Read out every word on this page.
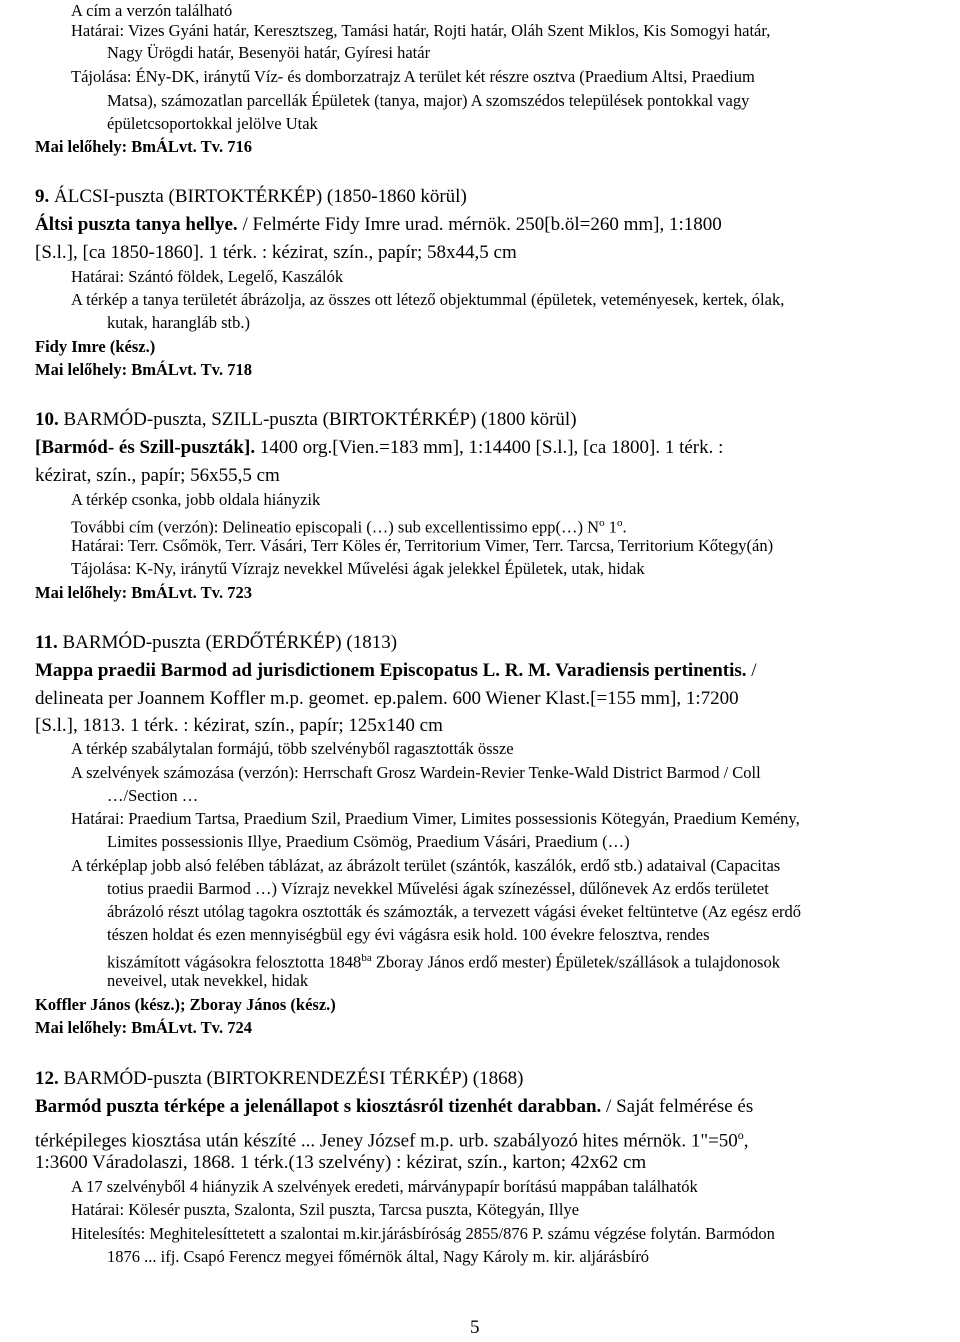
A cím a verzón található
Határai: Vizes Gyáni határ, Keresztszeg, Tamási határ, Rojti határ, Oláh Szent Miklos, Kis Somogyi határ,
Nagy Ürögdi határ, Besenyöi határ, Gyíresi határ
Tájolása: ÉNy-DK, iránytű Víz- és domborzatrajz A terület két részre osztva (Praedium Altsi, Praedium
Matsa), számozatlan parcellák Épületek (tanya, major) A szomszédos települések pontokkal vagy
épületcsoportokkal jelölve Utak
Mai lelőhely: BmÁLvt. Tv. 716
9. ÁLCSI-puszta (BIRTOKTÉRKÉP) (1850-1860 körül)
Áltsi puszta tanya hellye. / Felmérte Fidy Imre urad. mérnök. 250[b.öl=260 mm], 1:1800
[S.l.], [ca 1850-1860]. 1 térk. : kézirat, szín., papír; 58x44,5 cm
Határai: Szántó földek, Legelő, Kaszálók
A térkép a tanya területét ábrázolja, az összes ott létező objektummal (épületek, veteményesek, kertek, ólak,
kutak, harangláb stb.)
Fidy Imre (kész.)
Mai lelőhely: BmÁLvt. Tv. 718
10. BARMÓD-puszta, SZILL-puszta (BIRTOKTÉRKÉP) (1800 körül)
[Barmód- és Szill-puszták]. 1400 org.[Vien.=183 mm], 1:14400 [S.l.], [ca 1800]. 1 térk. :
kézirat, szín., papír; 56x55,5 cm
A térkép csonka, jobb oldala hiányzik
További cím (verzón): Delineatio episcopali (…) sub excellentissimo epp(…) $N^o$ 1$^o$.
Határai: Terr. Csőmök, Terr. Vásári, Terr Köles ér, Territorium Vimer, Terr. Tarcsa, Territorium Kőtegy(án)
Tájolása: K-Ny, iránytű Vízrajz nevekkel Művelési ágak jelekkel Épületek, utak, hidak
Mai lelőhely: BmÁLvt. Tv. 723
11. BARMÓD-puszta (ERDŐTÉRKÉP) (1813)
Mappa praedii Barmod ad jurisdictionem Episcopatus L. R. M. Varadiensis pertinentis. /
delineata per Joannem Koffler m.p. geomet. ep.palem. 600 Wiener Klast.[=155 mm], 1:7200
[S.l.], 1813. 1 térk. : kézirat, szín., papír; 125x140 cm
A térkép szabálytalan formájú, több szelvényből ragasztották össze
A szelvények számozása (verzón): Herrschaft Grosz Wardein-Revier Tenke-Wald District Barmod / Coll
…/Section …
Határai: Praedium Tartsa, Praedium Szil, Praedium Vimer, Limites possessionis Kötegyán, Praedium Kemény,
Limites possessionis Illye, Praedium Csömög, Praedium Vásári, Praedium (…)
A térképlap jobb alsó felében táblázat, az ábrázolt terület (szántók, kaszálók, erdő stb.) adataival (Capacitas
totius praedii Barmod …) Vízrajz nevekkel Művelési ágak színezéssel, dűlőnevek Az erdős területet
ábrázoló részt utólag tagokra osztották és számozták, a tervezett vágási éveket feltüntetve (Az egész erdő
tészen holdat és ezen mennyiségbül egy évi vágásra esik hold. 100 évekre felosztva, rendes
kiszámított vágásokra felosztotta $1848^{ba}$ Zboray János erdő mester) Épületek/szállások a tulajdonosok
neveivel, utak nevekkel, hidak
Koffler János (kész.); Zboray János (kész.)
Mai lelőhely: BmÁLvt. Tv. 724
12. BARMÓD-puszta (BIRTOKRENDEZÉSI TÉRKÉP) (1868)
Barmód puszta térképe a jelenállapot s kiosztásról tizenhét darabban. / Saját felmérése és
térképileges kiosztása után készíté ... Jeney József m.p. urb. szabályozó hites mérnök. $1"=50^o$,
1:3600 Váradolaszi, 1868. 1 térk.(13 szelvény) : kézirat, szín., karton; 42x62 cm
A 17 szelvényből 4 hiányzik A szelvények eredeti, márványpapír borítású mappában találhatók
Határai: Kölesér puszta, Szalonta, Szil puszta, Tarcsa puszta, Kötegyán, Illye
Hitelesítés: Meghitelesíttetett a szalontai m.kir.járásbíróság 2855/876 P. számu végzése folytán. Barmódon
1876 ... ifj. Csapó Ferencz megyei főmérnök által, Nagy Károly m. kir. aljárásbíró
5
